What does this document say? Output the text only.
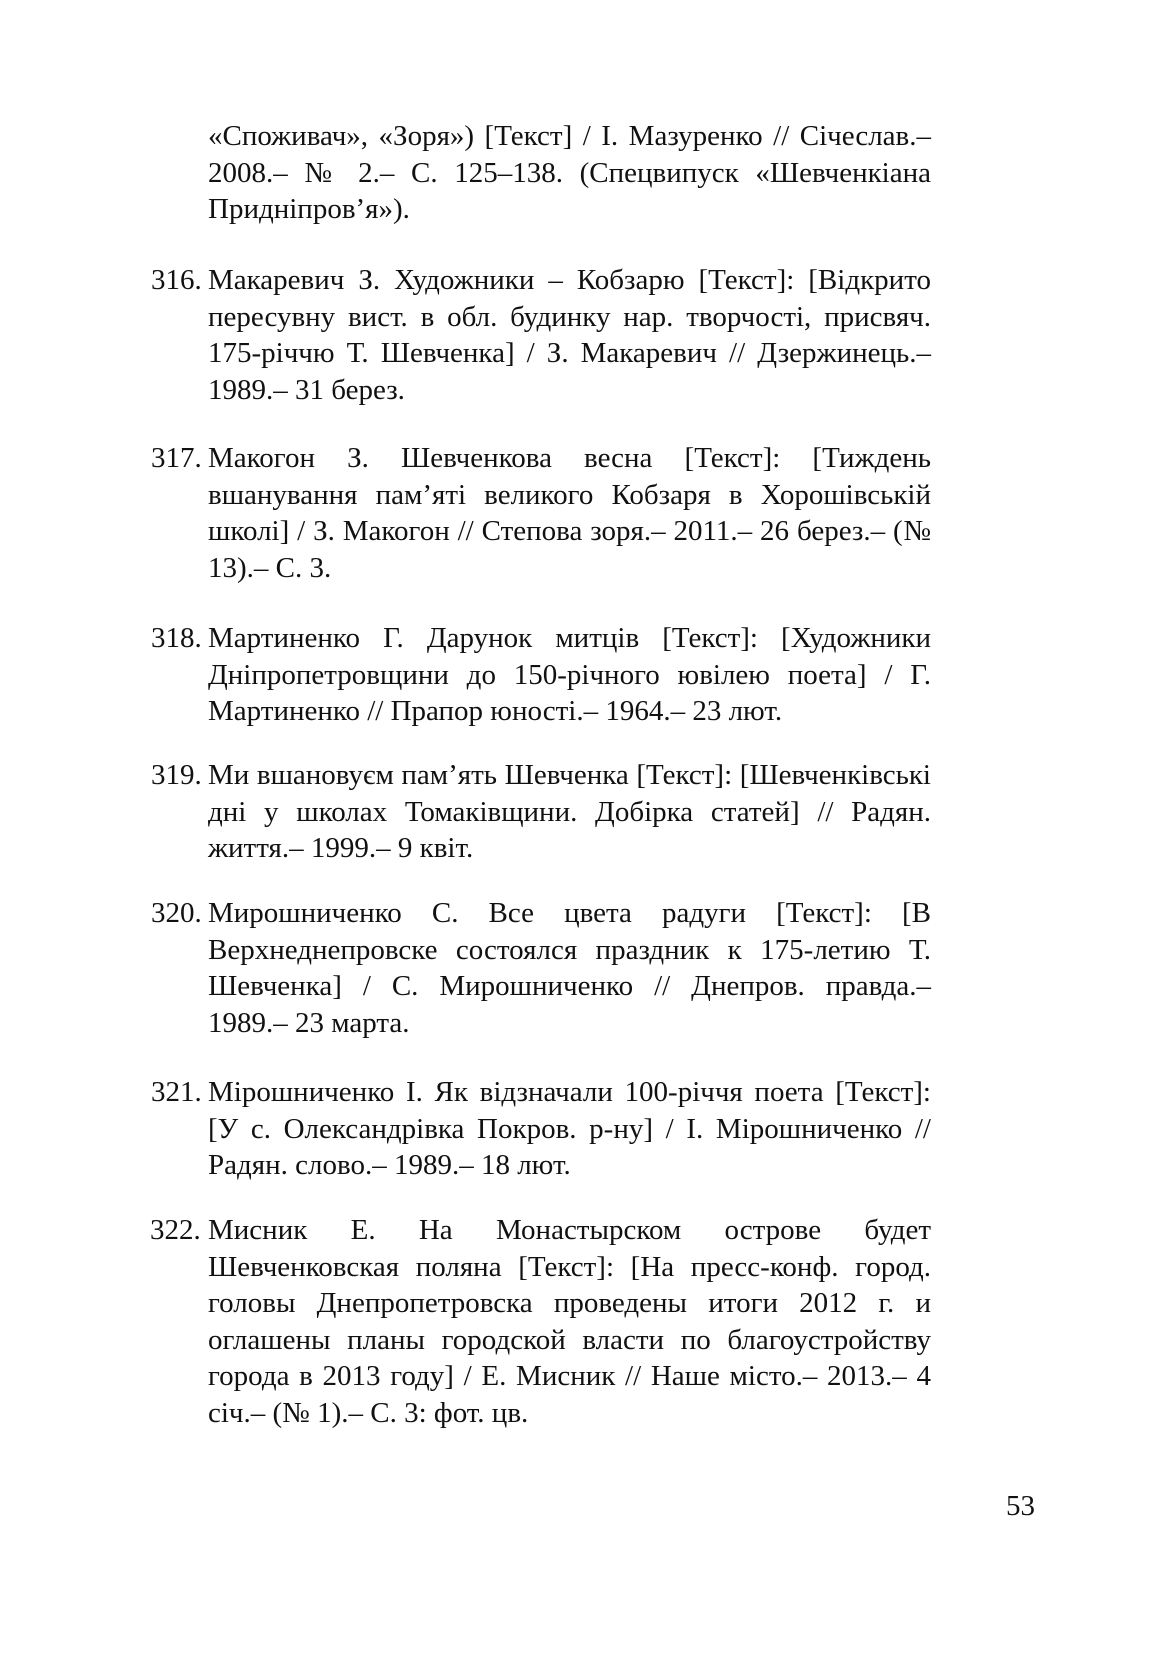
«Споживач», «Зоря») [Текст] / І. Мазуренко // Січеслав.– 2008.– № 2.– С. 125–138. (Спецвипуск «Шевченкіана Придніпров’я»).
316. Макаревич З. Художники – Кобзарю [Текст]: [Відкрито пересувну вист. в обл. будинку нар. творчості, присвяч. 175-річчю Т. Шевченка] / З. Макаревич // Дзержинець.– 1989.– 31 берез.
317. Макогон З. Шевченкова весна [Текст]: [Тиждень вшанування пам’яті великого Кобзаря в Хорошівській школі] / З. Макогон // Степова зоря.– 2011.– 26 берез.– (№ 13).– С. 3.
318. Мартиненко Г. Дарунок митців [Текст]: [Художники Дніпропетровщини до 150-річного ювілею поета] / Г. Мартиненко // Прапор юності.– 1964.– 23 лют.
319. Ми вшановуєм пам’ять Шевченка [Текст]: [Шевченківські дні у школах Томаківщини. Добірка статей] // Радян. життя.– 1999.– 9 квіт.
320. Мирошниченко С. Все цвета радуги [Текст]: [В Верхнеднепровске состоялся праздник к 175-летию Т. Шевченка] / С. Мирошниченко // Днепров. правда.– 1989.– 23 марта.
321. Мірошниченко І. Як відзначали 100-річчя поета [Текст]: [У с. Олександрівка Покров. р-ну] / І. Мірошниченко // Радян. слово.– 1989.– 18 лют.
322. Мисник Е. На Монастырском острове будет Шевченковская поляна [Текст]: [На пресс-конф. город. головы Днепропетровска проведены итоги 2012 г. и оглашены планы городской власти по благоустройству города в 2013 году] / Е. Мисник // Наше місто.– 2013.– 4 січ.– (№ 1).– С. 3: фот. цв.
53
